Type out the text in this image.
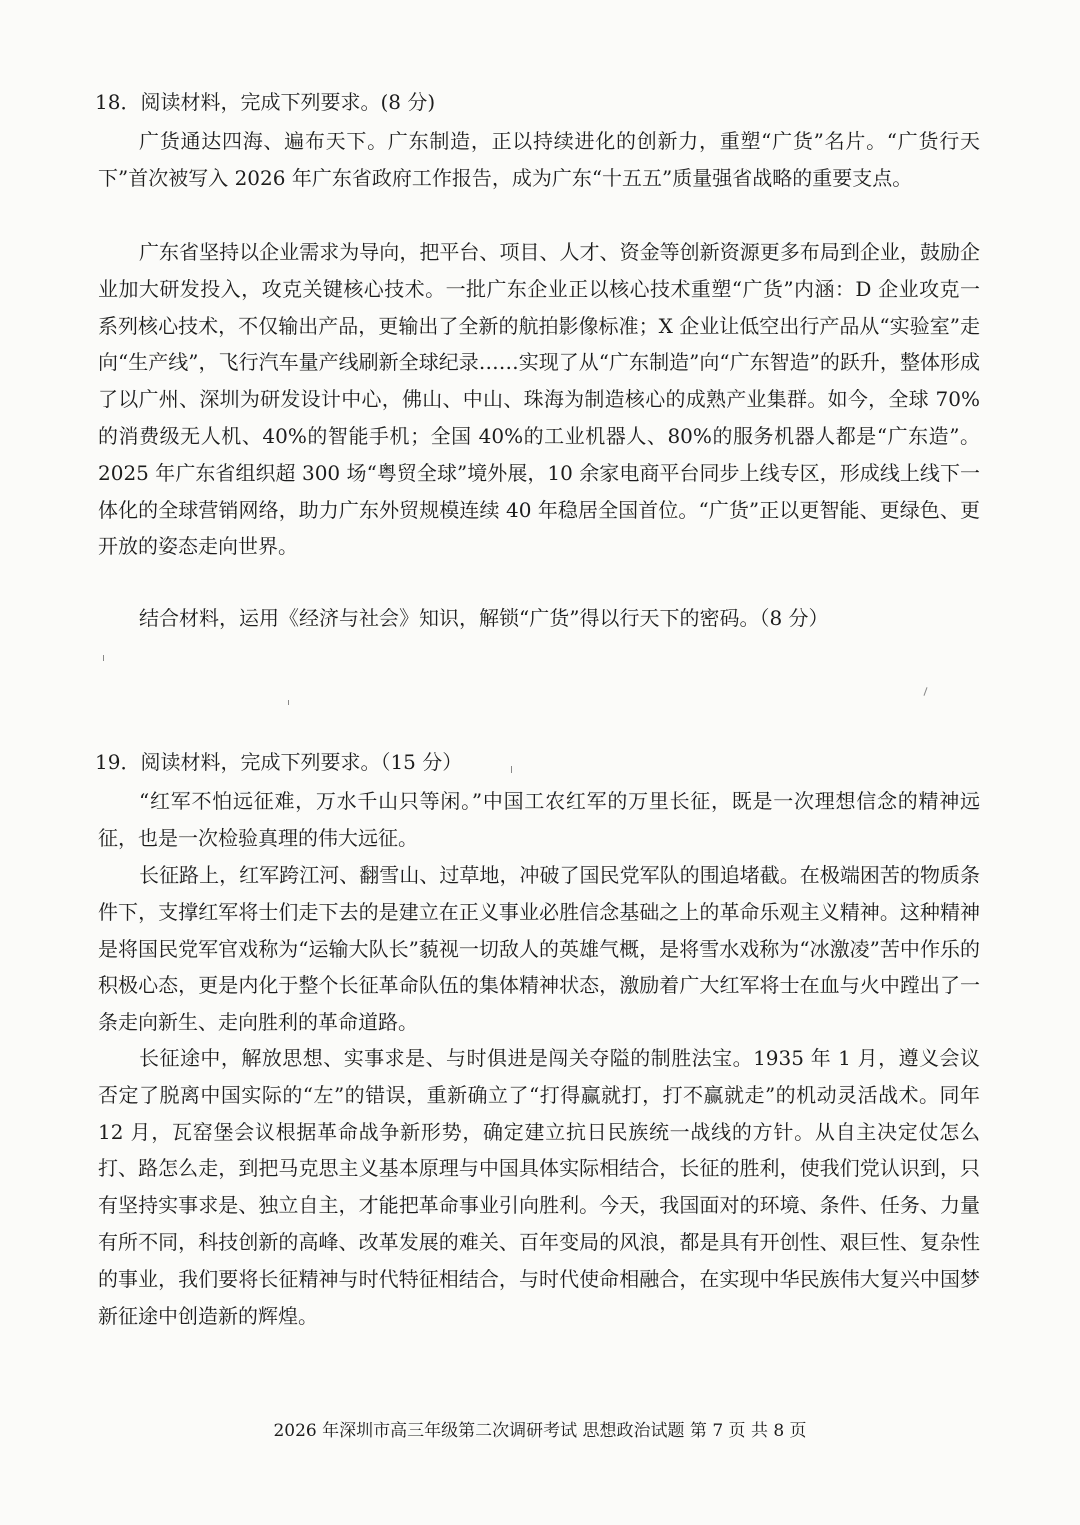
18．阅读材料，完成下列要求。(8 分)

广货通达四海、遍布天下。广东制造，正以持续进化的创新力，重塑“广货”名片。“广货行天下”首次被写入 2026 年广东省政府工作报告，成为广东“十五五”质量强省战略的重要支点。

广东省坚持以企业需求为导向，把平台、项目、人才、资金等创新资源更多布局到企业，鼓励企业加大研发投入，攻克关键核心技术。一批广东企业正以核心技术重塑“广货”内涵：D 企业攻克一系列核心技术，不仅输出产品，更输出了全新的航拍影像标准；X 企业让低空出行产品从“实验室”走向“生产线”，飞行汽车量产线刷新全球纪录……实现了从“广东制造”向“广东智造”的跃升，整体形成了以广州、深圳为研发设计中心，佛山、中山、珠海为制造核心的成熟产业集群。如今，全球 70%的消费级无人机、40%的智能手机；全国 40%的工业机器人、80%的服务机器人都是“广东造”。2025 年广东省组织超 300 场“粤贸全球”境外展，10 余家电商平台同步上线专区，形成线上线下一体化的全球营销网络，助力广东外贸规模连续 40 年稳居全国首位。“广货”正以更智能、更绿色、更开放的姿态走向世界。

结合材料，运用《经济与社会》知识，解锁“广货”得以行天下的密码。（8 分）

19．阅读材料，完成下列要求。（15 分）

“红军不怕远征难，万水千山只等闲。”中国工农红军的万里长征，既是一次理想信念的精神远征，也是一次检验真理的伟大远征。

长征路上，红军跨江河、翻雪山、过草地，冲破了国民党军队的围追堵截。在极端困苦的物质条件下，支撑红军将士们走下去的是建立在正义事业必胜信念基础之上的革命乐观主义精神。这种精神是将国民党军官戏称为“运输大队长”藐视一切敌人的英雄气概，是将雪水戏称为“冰激凌”苦中作乐的积极心态，更是内化于整个长征革命队伍的集体精神状态，激励着广大红军将士在血与火中蹚出了一条走向新生、走向胜利的革命道路。

长征途中，解放思想、实事求是、与时俱进是闯关夺隘的制胜法宝。1935 年 1 月，遵义会议否定了脱离中国实际的“左”的错误，重新确立了“打得赢就打，打不赢就走”的机动灵活战术。同年 12 月，瓦窑堡会议根据革命战争新形势，确定建立抗日民族统一战线的方针。从自主决定仗怎么打、路怎么走，到把马克思主义基本原理与中国具体实际相结合，长征的胜利，使我们党认识到，只有坚持实事求是、独立自主，才能把革命事业引向胜利。今天，我国面对的环境、条件、任务、力量有所不同，科技创新的高峰、改革发展的难关、百年变局的风浪，都是具有开创性、艰巨性、复杂性的事业，我们要将长征精神与时代特征相结合，与时代使命相融合，在实现中华民族伟大复兴中国梦新征途中创造新的辉煌。

2026 年深圳市高三年级第二次调研考试 思想政治试题 第 7 页 共 8 页
